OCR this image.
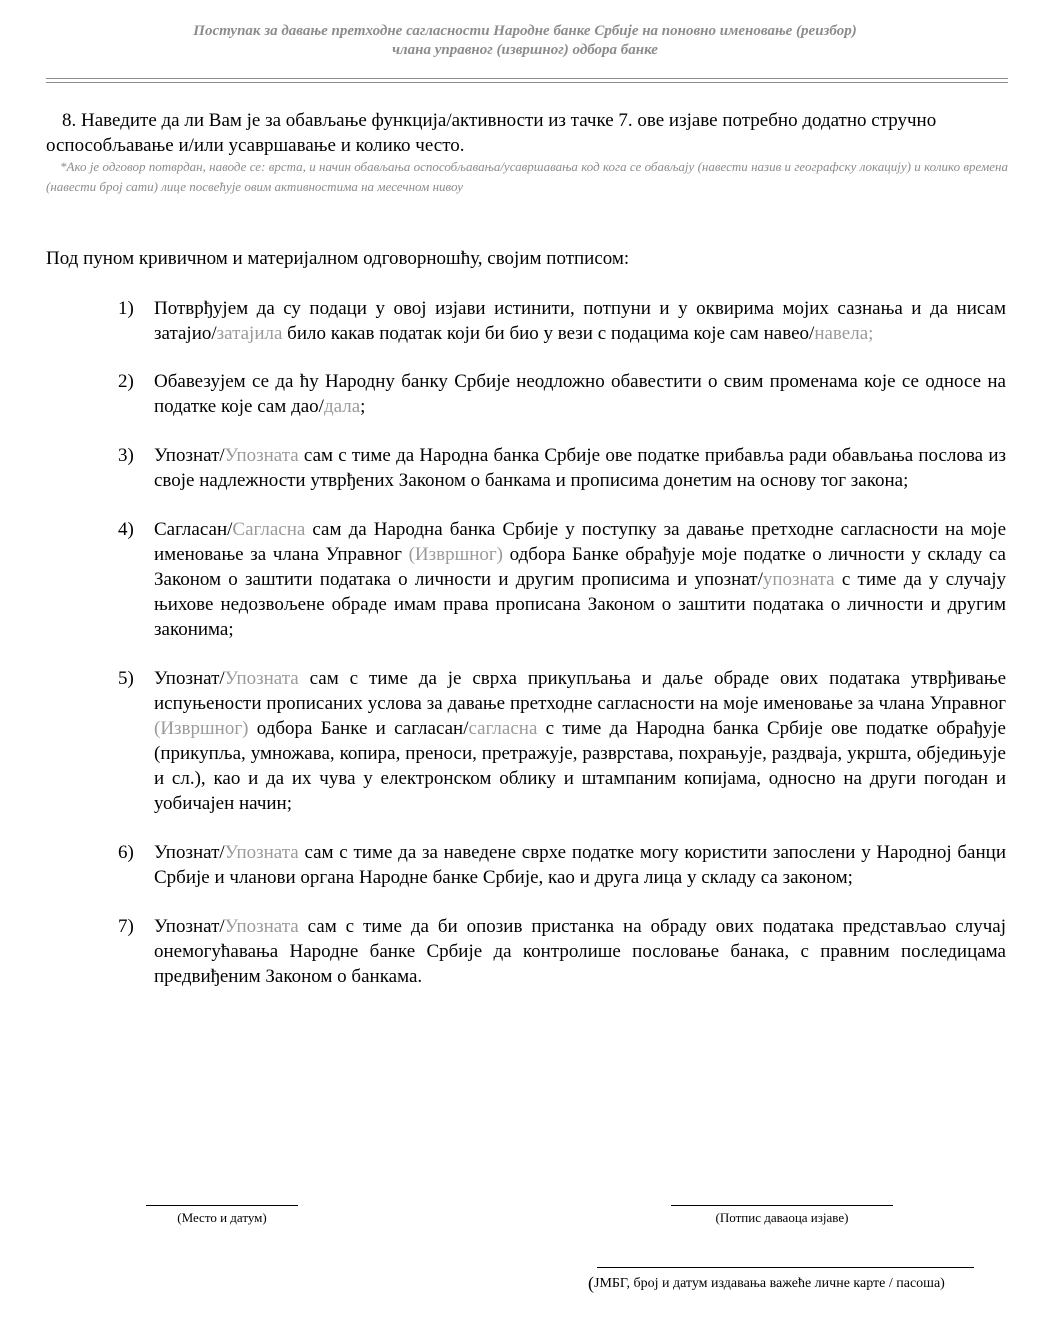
Поступак за давање претходне сагласности Народне банке Србије на поновно именовање (реизбор)
члана управног (извршног) одбора банке
8. Наведите да ли Вам је за обављање функција/активности из тачке 7. ове изјаве потребно додатно стручно оспособљавање и/или усавршавање и колико често.
*Ако је одговор потврдан, наводе се: врста, и начин обављања оспособљавања/усавршавања код кога се обављају (навести назив и географску локацију) и колико времена (навести број сати) лице посвећује овим активностима на месечном нивоу
Под пуном кривичном и материјалном одговорношћу, својим потписом:
1) Потврђујем да су подаци у овој изјави истинити, потпуни и у оквирима мојих сазнања и да нисам затајио/затајила било какав податак који би био у вези с подацима које сам навео/навела;
2) Обавезујем се да ћу Народну банку Србије неодложно обавестити о свим променама које се односе на податке које сам дао/дала;
3) Упознат/Упозната сам с тиме да Народна банка Србије ове податке прибавља ради обављања послова из своје надлежности утврђених Законом о банкама и прописима донетим на основу тог закона;
4) Сагласан/Сагласна сам да Народна банка Србије у поступку за давање претходне сагласности на моје именовање за члана Управног (Извршног) одбора Банке обрађује моје податке о личности у складу са Законом о заштити података о личности и другим прописима и упознат/упозната с тиме да у случају њихове недозвољене обраде имам права прописана Законом о заштити података о личности и другим законима;
5) Упознат/Упозната сам с тиме да је сврха прикупљања и даље обраде ових података утврђивање испуњености прописаних услова за давање претходне сагласности на моје именовање за члана Управног (Извршног) одбора Банке и сагласан/сагласна с тиме да Народна банка Србије ове податке обрађује (прикупља, умножава, копира, преноси, претражује, разврстава, похрањује, раздваја, укршта, обједињује и сл.), као и да их чува у електронском облику и штампаним копијама, односно на други погодан и уобичајен начин;
6) Упознат/Упозната сам с тиме да за наведене сврхе податке могу користити запослени у Народној банци Србије и чланови органа Народне банке Србије, као и друга лица у складу са законом;
7) Упознат/Упозната сам с тиме да би опозив пристанка на обраду ових података представљао случај онемогућавања Народне банке Србије да контролише пословање банака, с правним последицама предвиђеним Законом о банкама.
(Место и датум)	(Потпис даваоца изјаве)
(ЈМБГ, број и датум издавања важеће личне карте / пасоша)
